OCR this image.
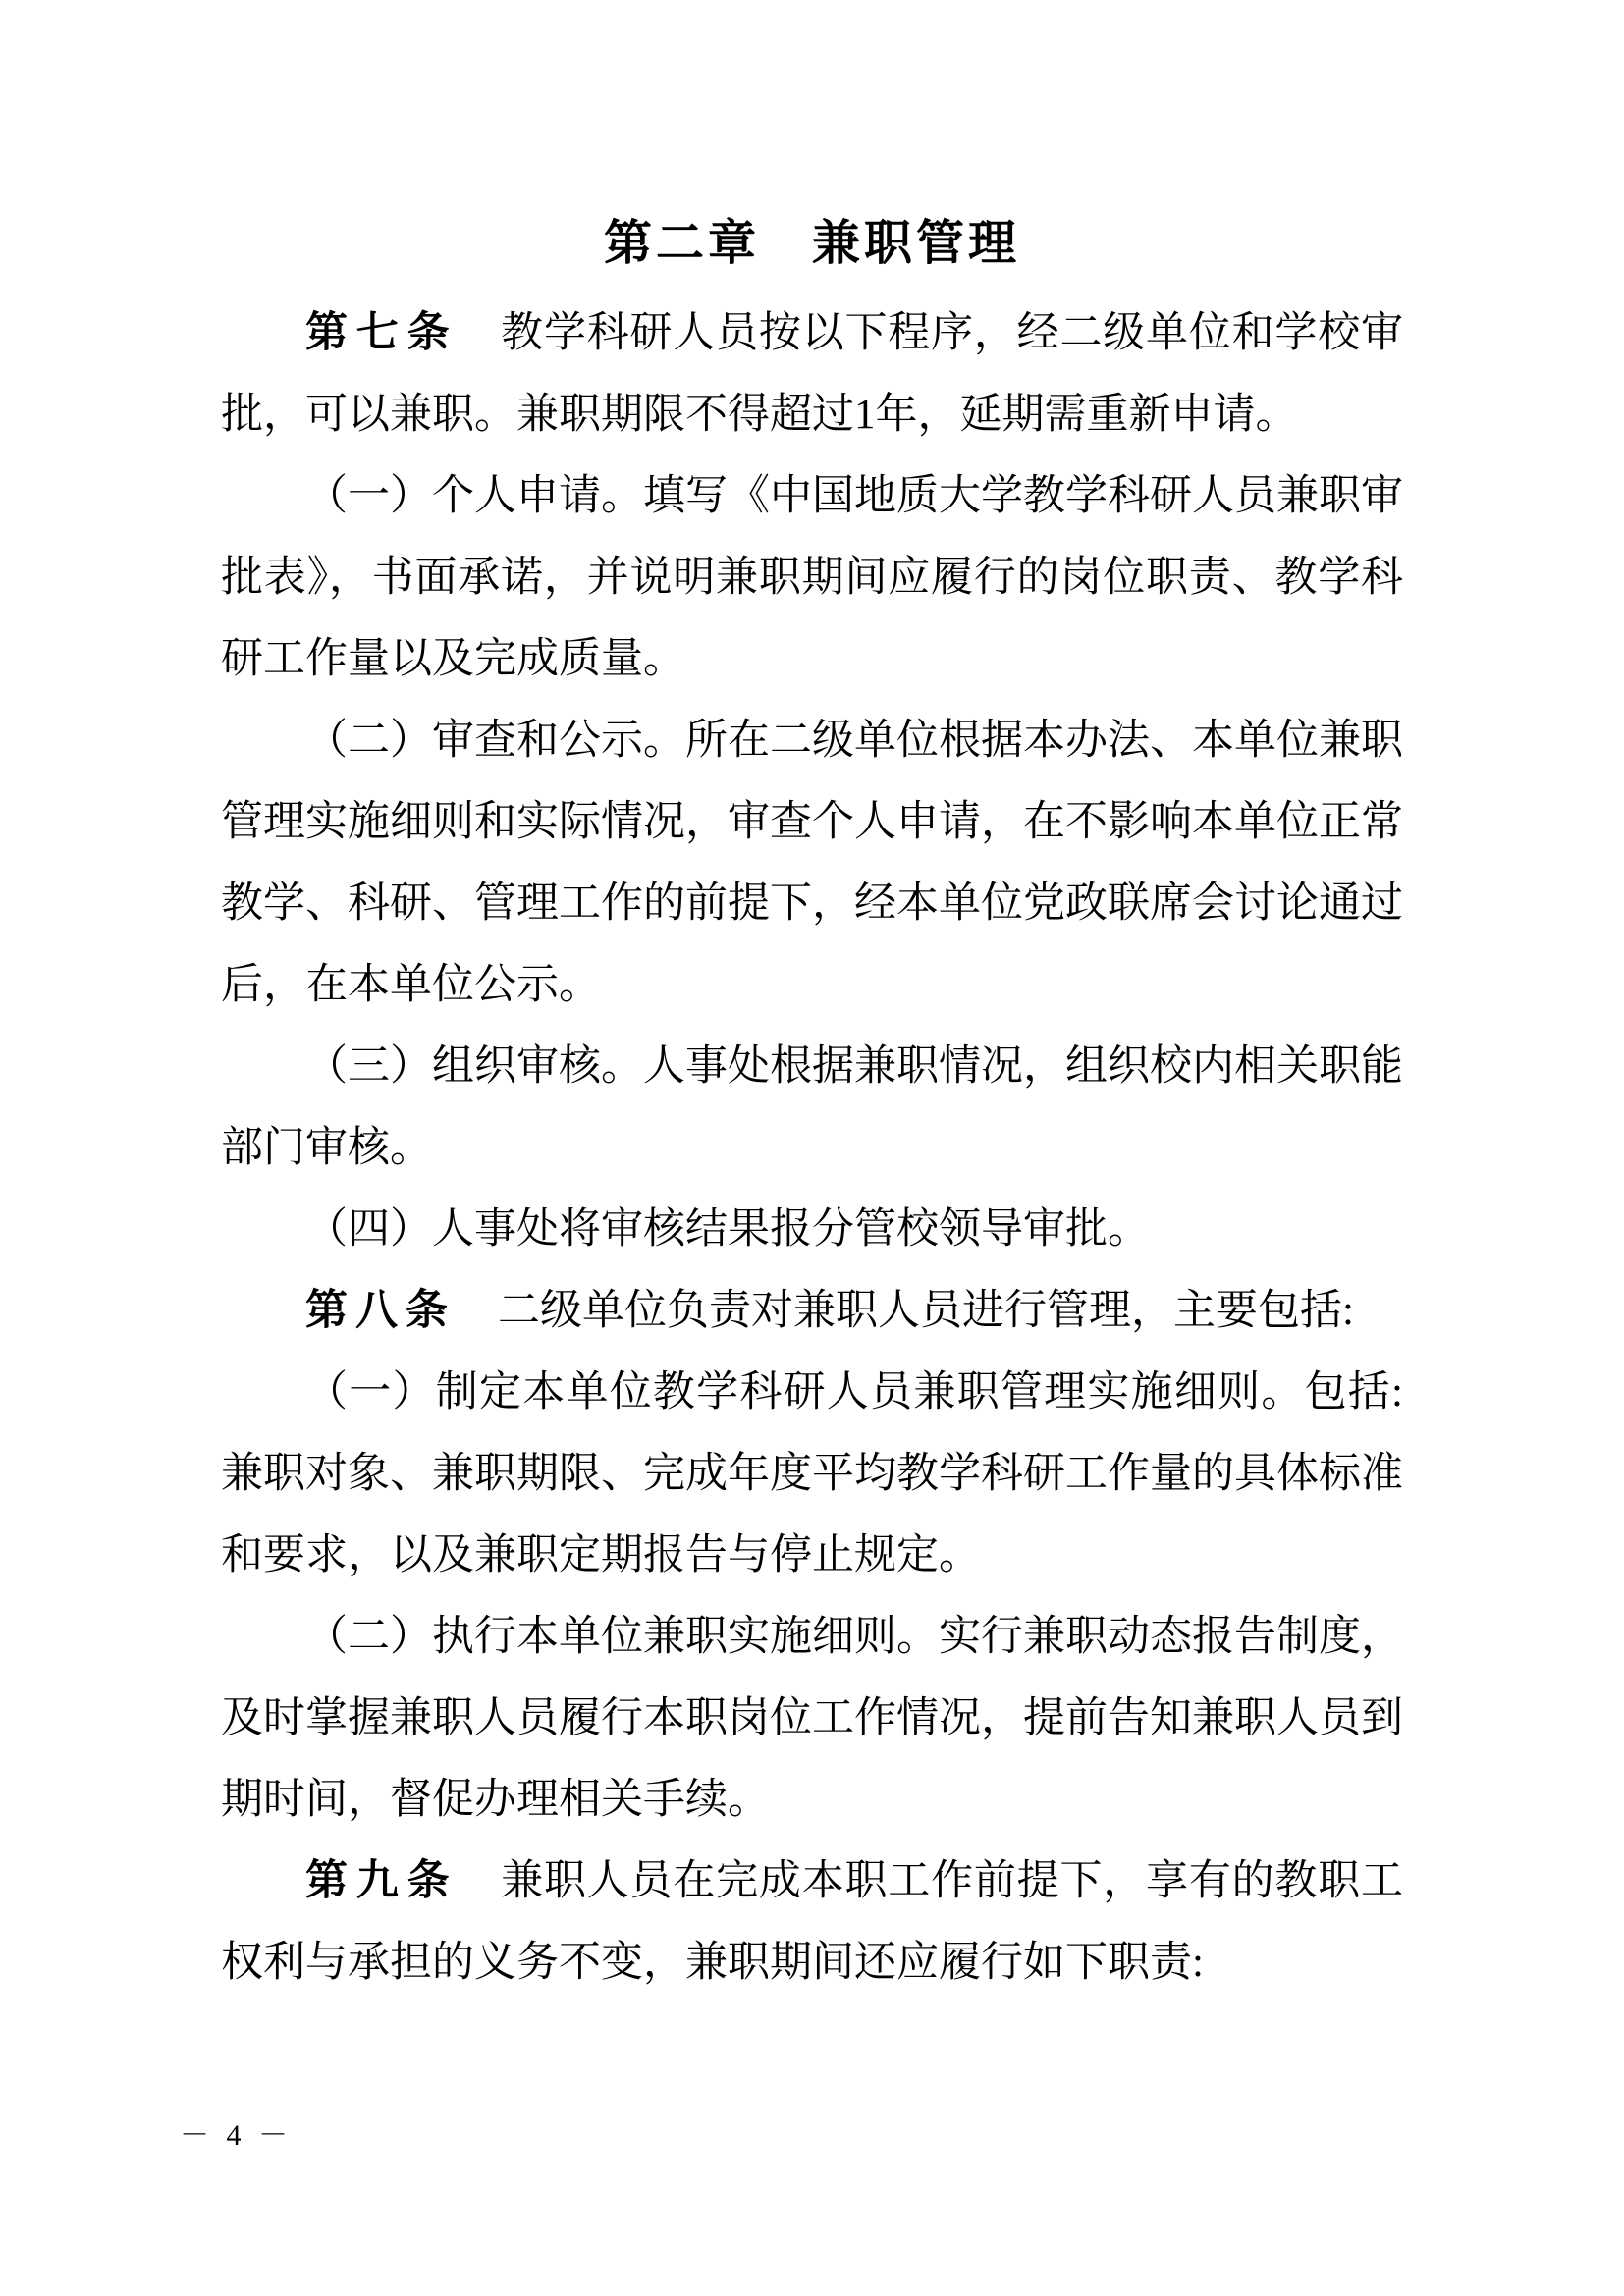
第二章　兼职管理

第七条　教学科研人员按以下程序，经二级单位和学校审批，可以兼职。兼职期限不得超过1年，延期需重新申请。

（一）个人申请。填写《中国地质大学教学科研人员兼职审批表》，书面承诺，并说明兼职期间应履行的岗位职责、教学科研工作量以及完成质量。

（二）审查和公示。所在二级单位根据本办法、本单位兼职管理实施细则和实际情况，审查个人申请，在不影响本单位正常教学、科研、管理工作的前提下，经本单位党政联席会讨论通过后，在本单位公示。

（三）组织审核。人事处根据兼职情况，组织校内相关职能部门审核。

（四）人事处将审核结果报分管校领导审批。

第八条　二级单位负责对兼职人员进行管理，主要包括:

（一）制定本单位教学科研人员兼职管理实施细则。包括:兼职对象、兼职期限、完成年度平均教学科研工作量的具体标准和要求，以及兼职定期报告与停止规定。

（二）执行本单位兼职实施细则。实行兼职动态报告制度，及时掌握兼职人员履行本职岗位工作情况，提前告知兼职人员到期时间，督促办理相关手续。

第九条　兼职人员在完成本职工作前提下，享有的教职工权利与承担的义务不变，兼职期间还应履行如下职责:

－ 4 －
